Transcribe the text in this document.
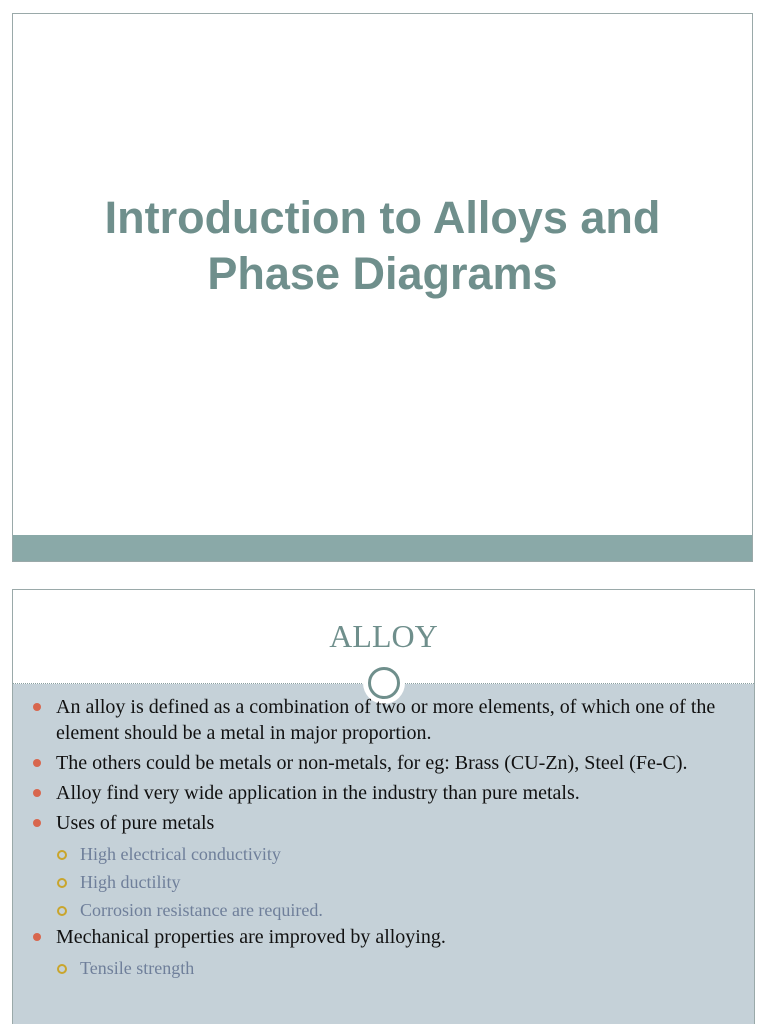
Introduction to Alloys and
Phase Diagrams
ALLOY
An alloy is defined as a combination of two or more elements, of which one of the element should be a metal in major proportion.
The others could be metals or non-metals, for eg: Brass (CU-Zn), Steel (Fe-C).
Alloy find very wide application in the industry than pure metals.
Uses of pure metals
High electrical conductivity
High ductility
Corrosion resistance are required.
Mechanical properties are improved by alloying.
Tensile strength
